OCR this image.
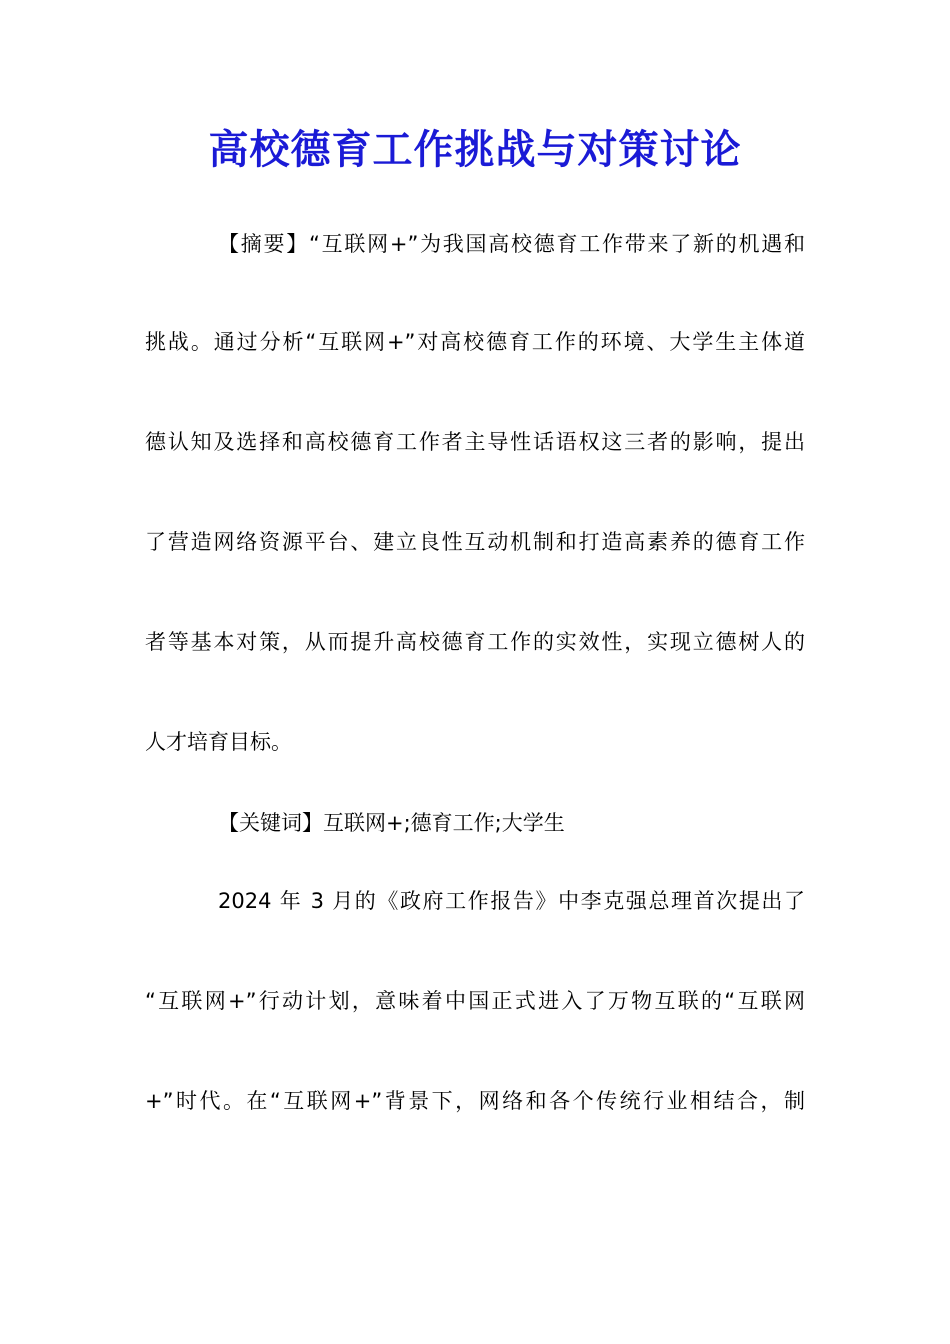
高校德育工作挑战与对策讨论
【摘要】“互联网+”为我国高校德育工作带来了新的机遇和
挑战。通过分析“互联网+”对高校德育工作的环境、大学生主体道
德认知及选择和高校德育工作者主导性话语权这三者的影响，提出
了营造网络资源平台、建立良性互动机制和打造高素养的德育工作
者等基本对策，从而提升高校德育工作的实效性，实现立德树人的
人才培育目标。
【关键词】互联网+;德育工作;大学生
2024 年 3 月的《政府工作报告》中李克强总理首次提出了
“互联网+”行动计划，意味着中国正式进入了万物互联的“互联网
+”时代。在“互联网+”背景下，网络和各个传统行业相结合，制
